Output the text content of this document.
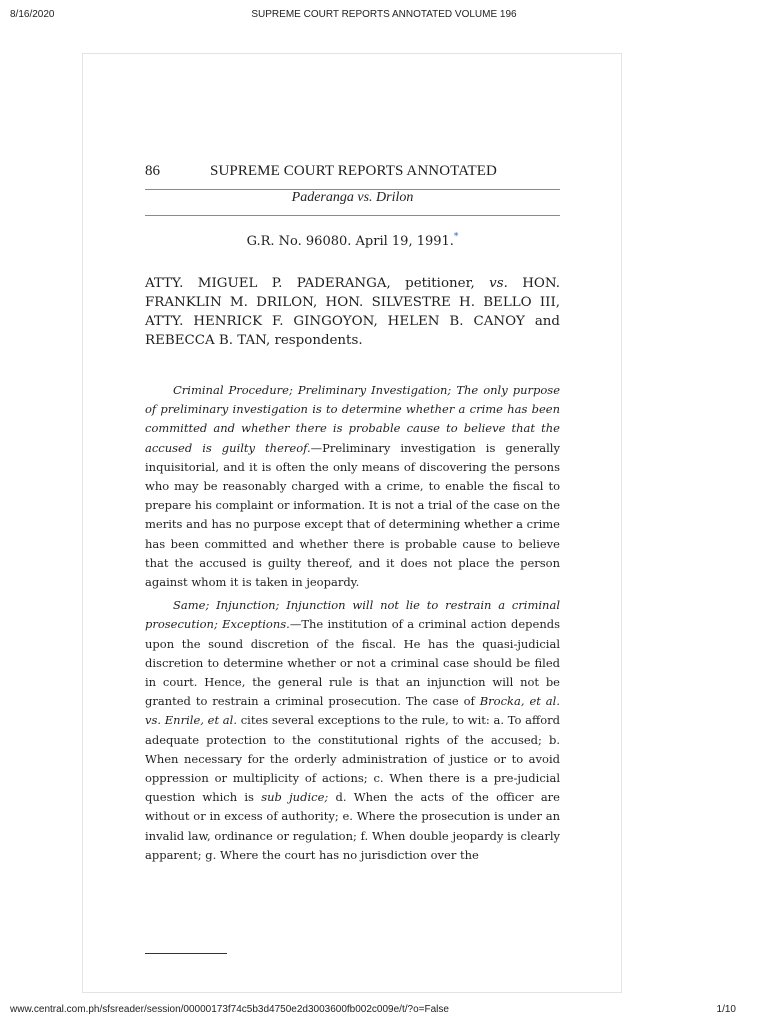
8/16/2020	SUPREME COURT REPORTS ANNOTATED VOLUME 196
86	SUPREME COURT REPORTS ANNOTATED
Paderanga vs. Drilon
G.R. No. 96080. April 19, 1991.*
ATTY. MIGUEL P. PADERANGA, petitioner, vs. HON. FRANKLIN M. DRILON, HON. SILVESTRE H. BELLO III, ATTY. HENRICK F. GINGOYON, HELEN B. CANOY and REBECCA B. TAN, respondents.

Criminal Procedure; Preliminary Investigation; The only purpose of preliminary investigation is to determine whether a crime has been committed and whether there is probable cause to believe that the accused is guilty thereof.—Preliminary investigation is generally inquisitorial, and it is often the only means of discovering the persons who may be reasonably charged with a crime, to enable the fiscal to prepare his complaint or information. It is not a trial of the case on the merits and has no purpose except that of determining whether a crime has been committed and whether there is probable cause to believe that the accused is guilty thereof, and it does not place the person against whom it is taken in jeopardy.

Same; Injunction; Injunction will not lie to restrain a criminal prosecution; Exceptions.—The institution of a criminal action depends upon the sound discretion of the fiscal. He has the quasi-judicial discretion to determine whether or not a criminal case should be filed in court. Hence, the general rule is that an injunction will not be granted to restrain a criminal prosecution. The case of Brocka, et al. vs. Enrile, et al. cites several exceptions to the rule, to wit: a. To afford adequate protection to the constitutional rights of the accused; b. When necessary for the orderly administration of justice or to avoid oppression or multiplicity of actions; c. When there is a pre-judicial question which is sub judice; d. When the acts of the officer are without or in excess of authority; e. Where the prosecution is under an invalid law, ordinance or regulation; f. When double jeopardy is clearly apparent; g. Where the court has no jurisdiction over the

www.central.com.ph/sfsreader/session/00000173f74c5b3d4750e2d3003600fb002c009e/t/?o=False	1/10
